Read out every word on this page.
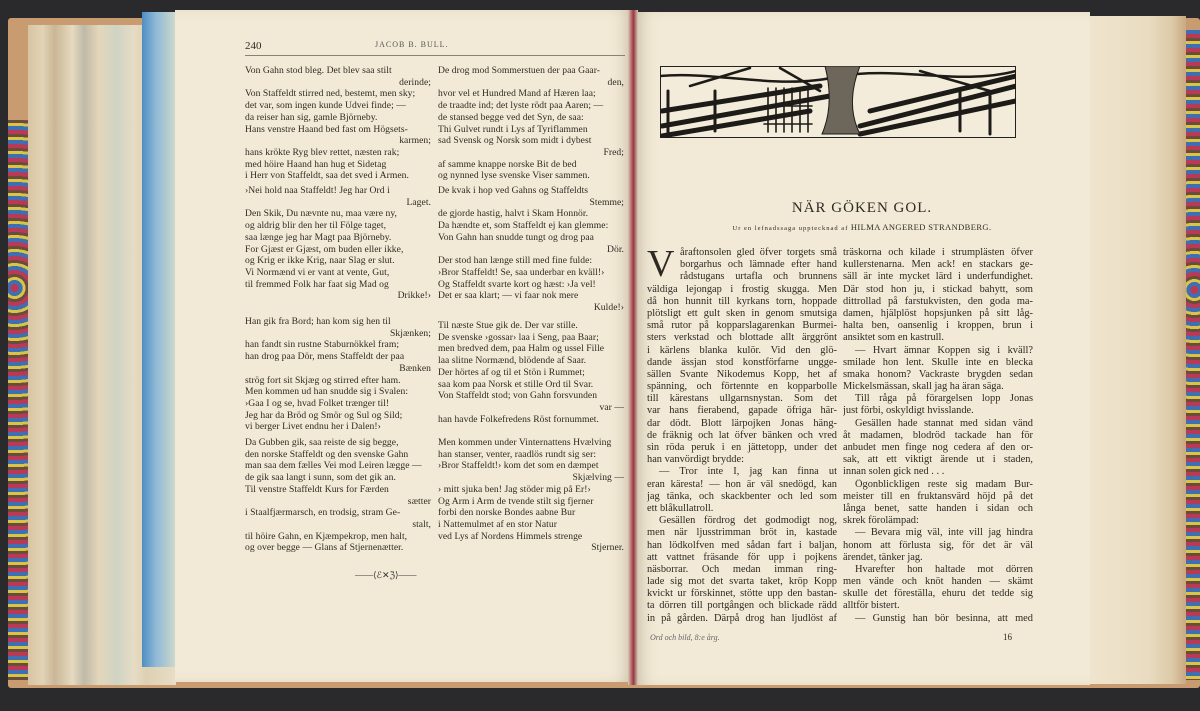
240	JACOB B. BULL.
Von Gahn stod bleg. Det blev saa stilt
derinde;
Von Staffeldt stirred ned, bestemt, men sky;
det var, som ingen kunde Udvei finde; —
da reiser han sig, gamle Björneby.
Hans venstre Haand bed fast om Högsets-
karmen;
hans krökte Ryg blev rettet, næsten rak;
med höire Haand han hug et Sidetag
i Herr von Staffeldt, saa det sved i Armen.
›Nei hold naa Staffeldt! Jeg har Ord i
Laget.
Den Skik, Du nævnte nu, maa være ny,
og aldrig blir den her til Fölge taget,
saa længe jeg har Magt paa Björneby.
For Gjæst er Gjæst, om buden eller ikke,
og Krig er ikke Krig, naar Slag er slut.
Vi Normænd vi er vant at vente, Gut,
til fremmed Folk har faat sig Mad og
Drikke!›
Han gik fra Bord; han kom sig hen til
Skjænken;
han fandt sin rustne Staburnökkel fram;
han drog paa Dör, mens Staffeldt der paa
Bænken
strög fort sit Skjæg og stirred efter ham.
Men kommen ud han snudde sig i Svalen:
›Gaa I og se, hvad Folket trænger til!
Jeg har da Bröd og Smör og Sul og Sild;
vi berger Livet endnu her i Dalen!›
Da Gubben gik, saa reiste de sig begge,
den norske Staffeldt og den svenske Gahn
man saa dem fælles Vei mod Leiren lægge —
de gik saa langt i sunn, som det gik an.
Til venstre Staffeldt Kurs for Færden
sætter
i Staalfjærmarsch, en trodsig, stram Ge-
stalt,
til höire Gahn, en Kjæmpekrop, men halt,
og over begge — Glans af Stjernenætter.
De drog mod Sommerstuen der paa Gaar-
den,
hvor vel et Hundred Mand af Hæren laa;
de traadte ind; det lyste rödt paa Aaren; —
de stansed begge ved det Syn, de saa:
Thi Gulvet rundt i Lys af Tyriflammen
sad Svensk og Norsk som midt i dybest
Fred;
af samme knappe norske Bit de bed
og nynned lyse svenske Viser sammen.
De kvak i hop ved Gahns og Staffeldts
Stemme;
de gjorde hastig, halvt i Skam Honnör.
Da hændte et, som Staffeldt ej kan glemme:
Von Gahn han snudde tungt og drog paa
Dör.
Der stod han længe still med fine fulde:
›Bror Staffeldt! Se, saa underbar en kväll!›
Og Staffeldt svarte kort og hæst: ›Ja vel!
Det er saa klart; — vi faar nok mere
Kulde!›
Til næste Stue gik de. Der var stille.
De svenske ›gossar› laa i Seng, paa Baar;
men bredved dem, paa Halm og ussel Fille
laa slitne Normænd, blödende af Saar.
Der hörtes af og til et Stön i Rummet;
saa kom paa Norsk et stille Ord til Svar.
Von Staffeldt stod; von Gahn forsvunden
var —
han havde Folkefredens Röst fornummet.
Men kommen under Vinternattens Hvælving
han stanser, venter, raadlös rundt sig ser:
›Bror Staffeldt!› kom det som en dæmpet
Skjælving —
› mitt sjuka ben! Jag stöder mig på Er!›
Og Arm i Arm de tvende stilt sig fjerner
forbi den norske Bondes aabne Bur
i Nattemulmet af en stor Natur
ved Lys af Nordens Himmels strenge
Stjerner.
——⟨ℰ✕ℨ⟩——
NÄR GÖKEN GOL.
Ur en lefnadssaga upptecknad af HILMA ANGERED STRANDBERG.
V åraftonsolen gled öfver torgets små
borgarhus och lämnade efter hand
rådstugans urtafla och brunnens
väldiga lejongap i frostig skugga. Men
då hon hunnit till kyrkans torn, hoppade
plötsligt ett gult sken in genom smutsiga
små rutor på kopparslagarenkan Burmei-
sters verkstad och blottade allt ärggrönt
i kärlens blanka kulör. Vid den glö-
dande ässjan stod konstförfarne ungge-
sällen Svante Nikodemus Kopp, het af
spänning, och förtennte en kopparbolle
till kärestans ullgarnsnystan. Som det
var hans fierabend, gapade öfriga här-
dar dödt. Blott lärpojken Jonas häng-
de fräknig och lat öfver bänken och vred
sin röda peruk i en jättetopp, under det
han vanvördigt brydde:
— Tror inte I, jag kan finna ut
eran käresta! — hon är väl snedögd, kan
jag tänka, och skackbenter och led som
ett blåkullatroll.
Gesällen fördrog det godmodigt nog,
men när ljusstrimman bröt in, kastade
han lödkolfven med sådan fart i baljan,
att vattnet fräsande för upp i pojkens
näsborrar. Och medan imman ring-
lade sig mot det svarta taket, kröp Kopp
kvickt ur förskinnet, stötte upp den bastan-
ta dörren till portgången och blickade rädd
in på gården. Därpå drog han ljudlöst af
träskorna och kilade i strumplästen öfver
kullerstenarna. Men ack! en stackars ge-
säll är inte mycket lärd i underfundighet.
Där stod hon ju, i stickad bahytt, som
dittrollad på farstukvisten, den goda ma-
damen, hjälplöst hopsjunken på sitt låg-
halta ben, oansenlig i kroppen, brun i
ansiktet som en kastrull.
— Hvart ämnar Koppen sig i kväll?
smilade hon lent. Skulle inte en blecka
smaka honom? Vackraste brygden sedan
Mickelsmässan, skall jag ha äran säga.
Till råga på förargelsen lopp Jonas
just förbi, oskyldigt hvisslande.
Gesällen hade stannat med sidan vänd
åt madamen, blodröd tackade han för
anbudet men finge nog cedera af den or-
sak, att ett viktigt ärende ut i staden,
innan solen gick ned . . .
Ögonblickligen reste sig madam Bur-
meister till en fruktansvärd höjd på det
långa benet, satte handen i sidan och
skrek förolämpad:
— Bevara mig väl, inte vill jag hindra
honom att förlusta sig, för det är väl
ärendet, tänker jag.
Hvarefter hon haltade mot dörren
men vände och knöt handen — skämt
skulle det föreställa, ehuru det tedde sig
alltför bistert.
— Gunstig han bör besinna, att med
Ord och bild, 8:e årg.	16
